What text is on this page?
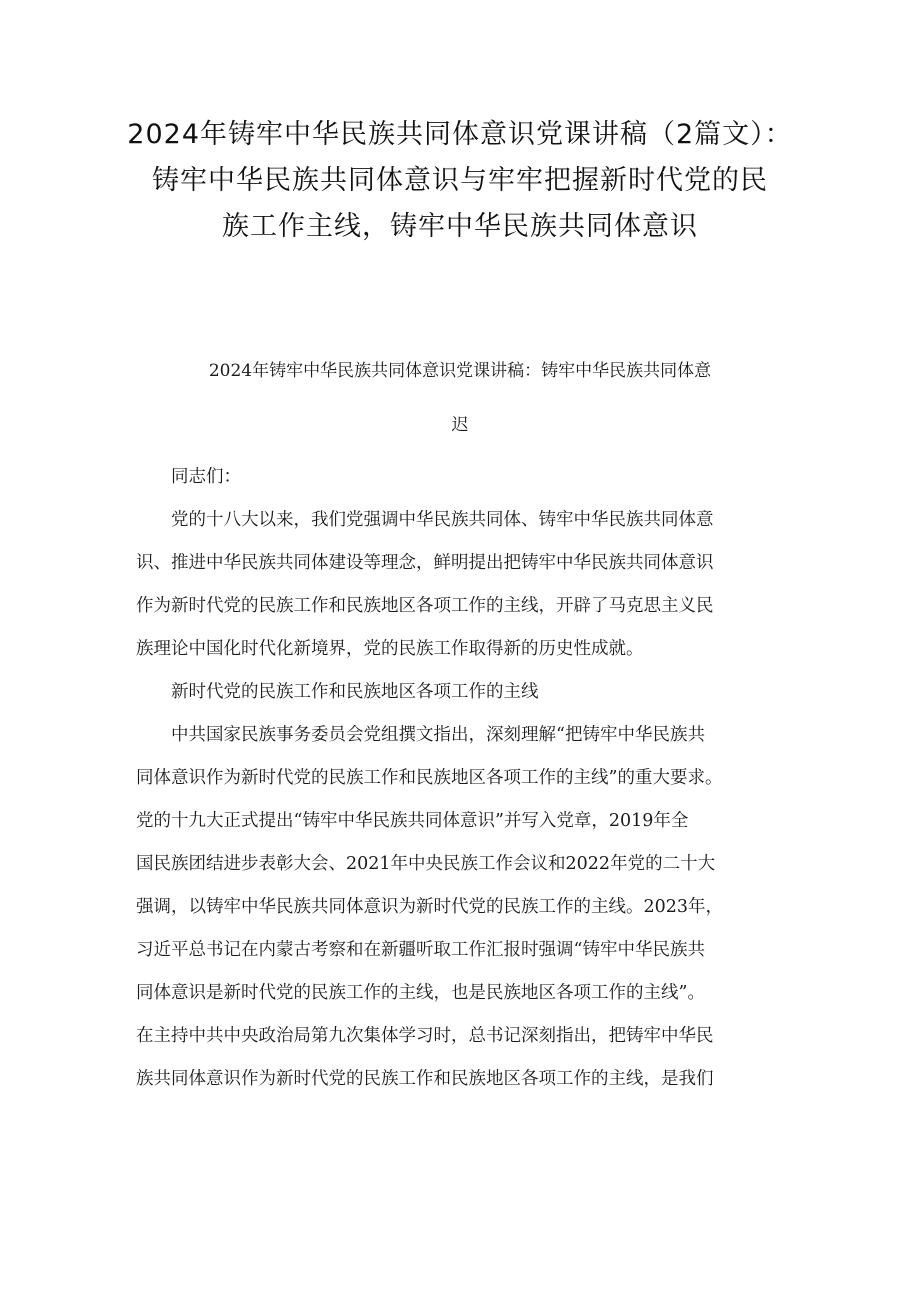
2024年铸牢中华民族共同体意识党课讲稿（2篇文）：
铸牢中华民族共同体意识与牢牢把握新时代党的民
族工作主线，铸牢中华民族共同体意识
2024年铸牢中华民族共同体意识党课讲稿：铸牢中华民族共同体意
迟
同志们：
党的十八大以来，我们党强调中华民族共同体、铸牢中华民族共同体意
识、推进中华民族共同体建设等理念，鲜明提出把铸牢中华民族共同体意识
作为新时代党的民族工作和民族地区各项工作的主线，开辟了马克思主义民
族理论中国化时代化新境界，党的民族工作取得新的历史性成就。
新时代党的民族工作和民族地区各项工作的主线
中共国家民族事务委员会党组撰文指出，深刻理解“把铸牢中华民族共
同体意识作为新时代党的民族工作和民族地区各项工作的主线”的重大要求。
党的十九大正式提出“铸牢中华民族共同体意识”并写入党章，2019年全
国民族团结进步表彰大会、2021年中央民族工作会议和2022年党的二十大
强调，以铸牢中华民族共同体意识为新时代党的民族工作的主线。2023年，
习近平总书记在内蒙古考察和在新疆听取工作汇报时强调“铸牢中华民族共
同体意识是新时代党的民族工作的主线，也是民族地区各项工作的主线”。
在主持中共中央政治局第九次集体学习时，总书记深刻指出，把铸牢中华民
族共同体意识作为新时代党的民族工作和民族地区各项工作的主线，是我们
